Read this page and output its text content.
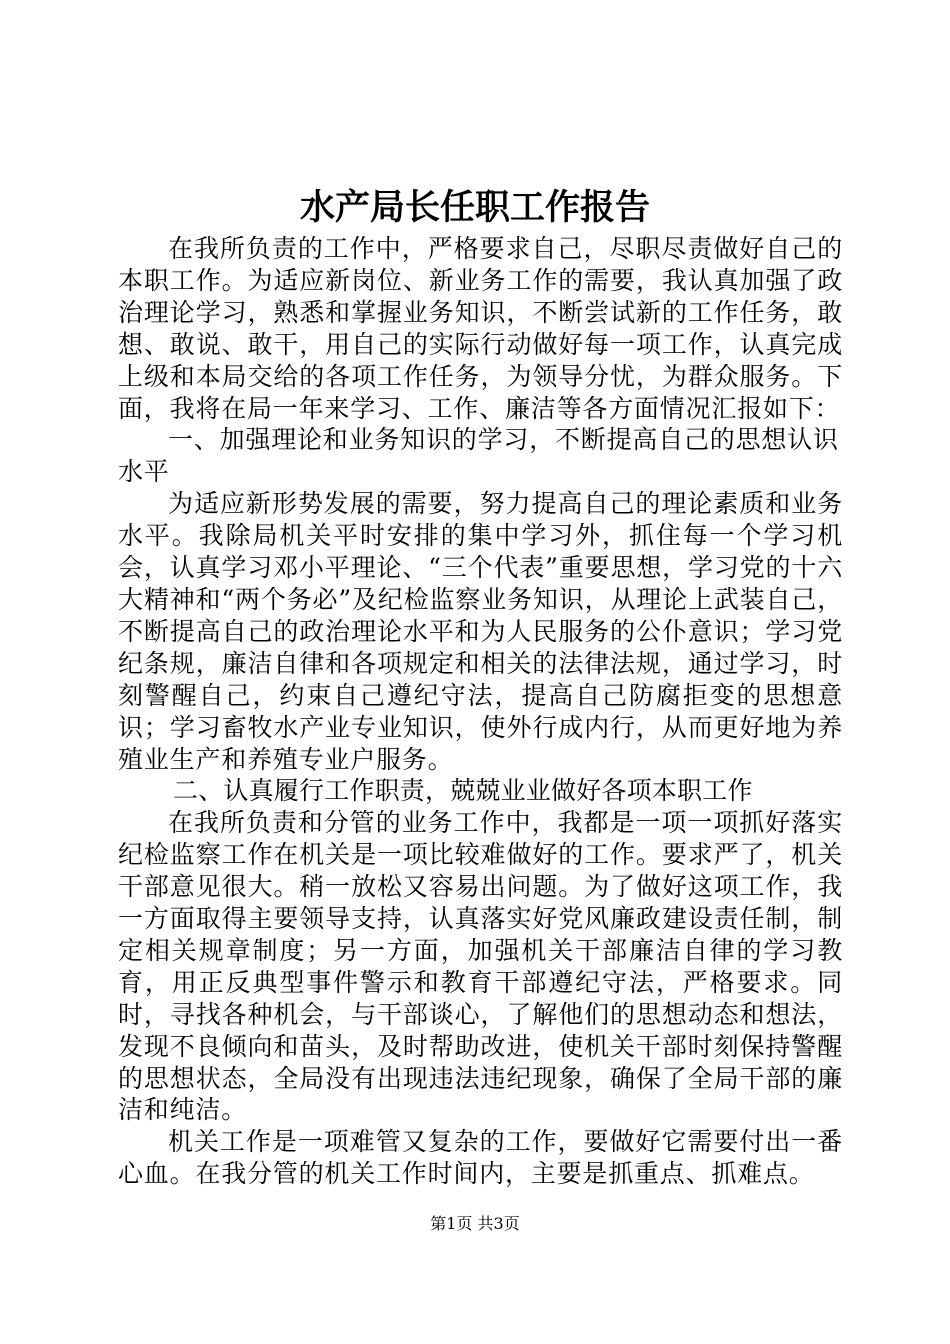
水产局长任职工作报告

在我所负责的工作中，严格要求自己，尽职尽责做好自己的本职工作。为适应新岗位、新业务工作的需要，我认真加强了政治理论学习，熟悉和掌握业务知识，不断尝试新的工作任务，敢想、敢说、敢干，用自己的实际行动做好每一项工作，认真完成上级和本局交给的各项工作任务，为领导分忧，为群众服务。下面，我将在局一年来学习、工作、廉洁等各方面情况汇报如下：

一、加强理论和业务知识的学习，不断提高自己的思想认识水平

为适应新形势发展的需要，努力提高自己的理论素质和业务水平。我除局机关平时安排的集中学习外，抓住每一个学习机会，认真学习邓小平理论、“三个代表”重要思想，学习党的十六大精神和“两个务必”及纪检监察业务知识，从理论上武装自己，不断提高自己的政治理论水平和为人民服务的公仆意识；学习党纪条规，廉洁自律和各项规定和相关的法律法规，通过学习，时刻警醒自己，约束自己遵纪守法，提高自己防腐拒变的思想意识；学习畜牧水产业专业知识，使外行成内行，从而更好地为养殖业生产和养殖专业户服务。

二、认真履行工作职责，兢兢业业做好各项本职工作

在我所负责和分管的业务工作中，我都是一项一项抓好落实纪检监察工作在机关是一项比较难做好的工作。要求严了，机关干部意见很大。稍一放松又容易出问题。为了做好这项工作，我一方面取得主要领导支持，认真落实好党风廉政建设责任制，制定相关规章制度；另一方面，加强机关干部廉洁自律的学习教育，用正反典型事件警示和教育干部遵纪守法，严格要求。同时，寻找各种机会，与干部谈心，了解他们的思想动态和想法，发现不良倾向和苗头，及时帮助改进，使机关干部时刻保持警醒的思想状态，全局没有出现违法违纪现象，确保了全局干部的廉洁和纯洁。

机关工作是一项难管又复杂的工作，要做好它需要付出一番心血。在我分管的机关工作时间内，主要是抓重点、抓难点。

第1页 共3页
